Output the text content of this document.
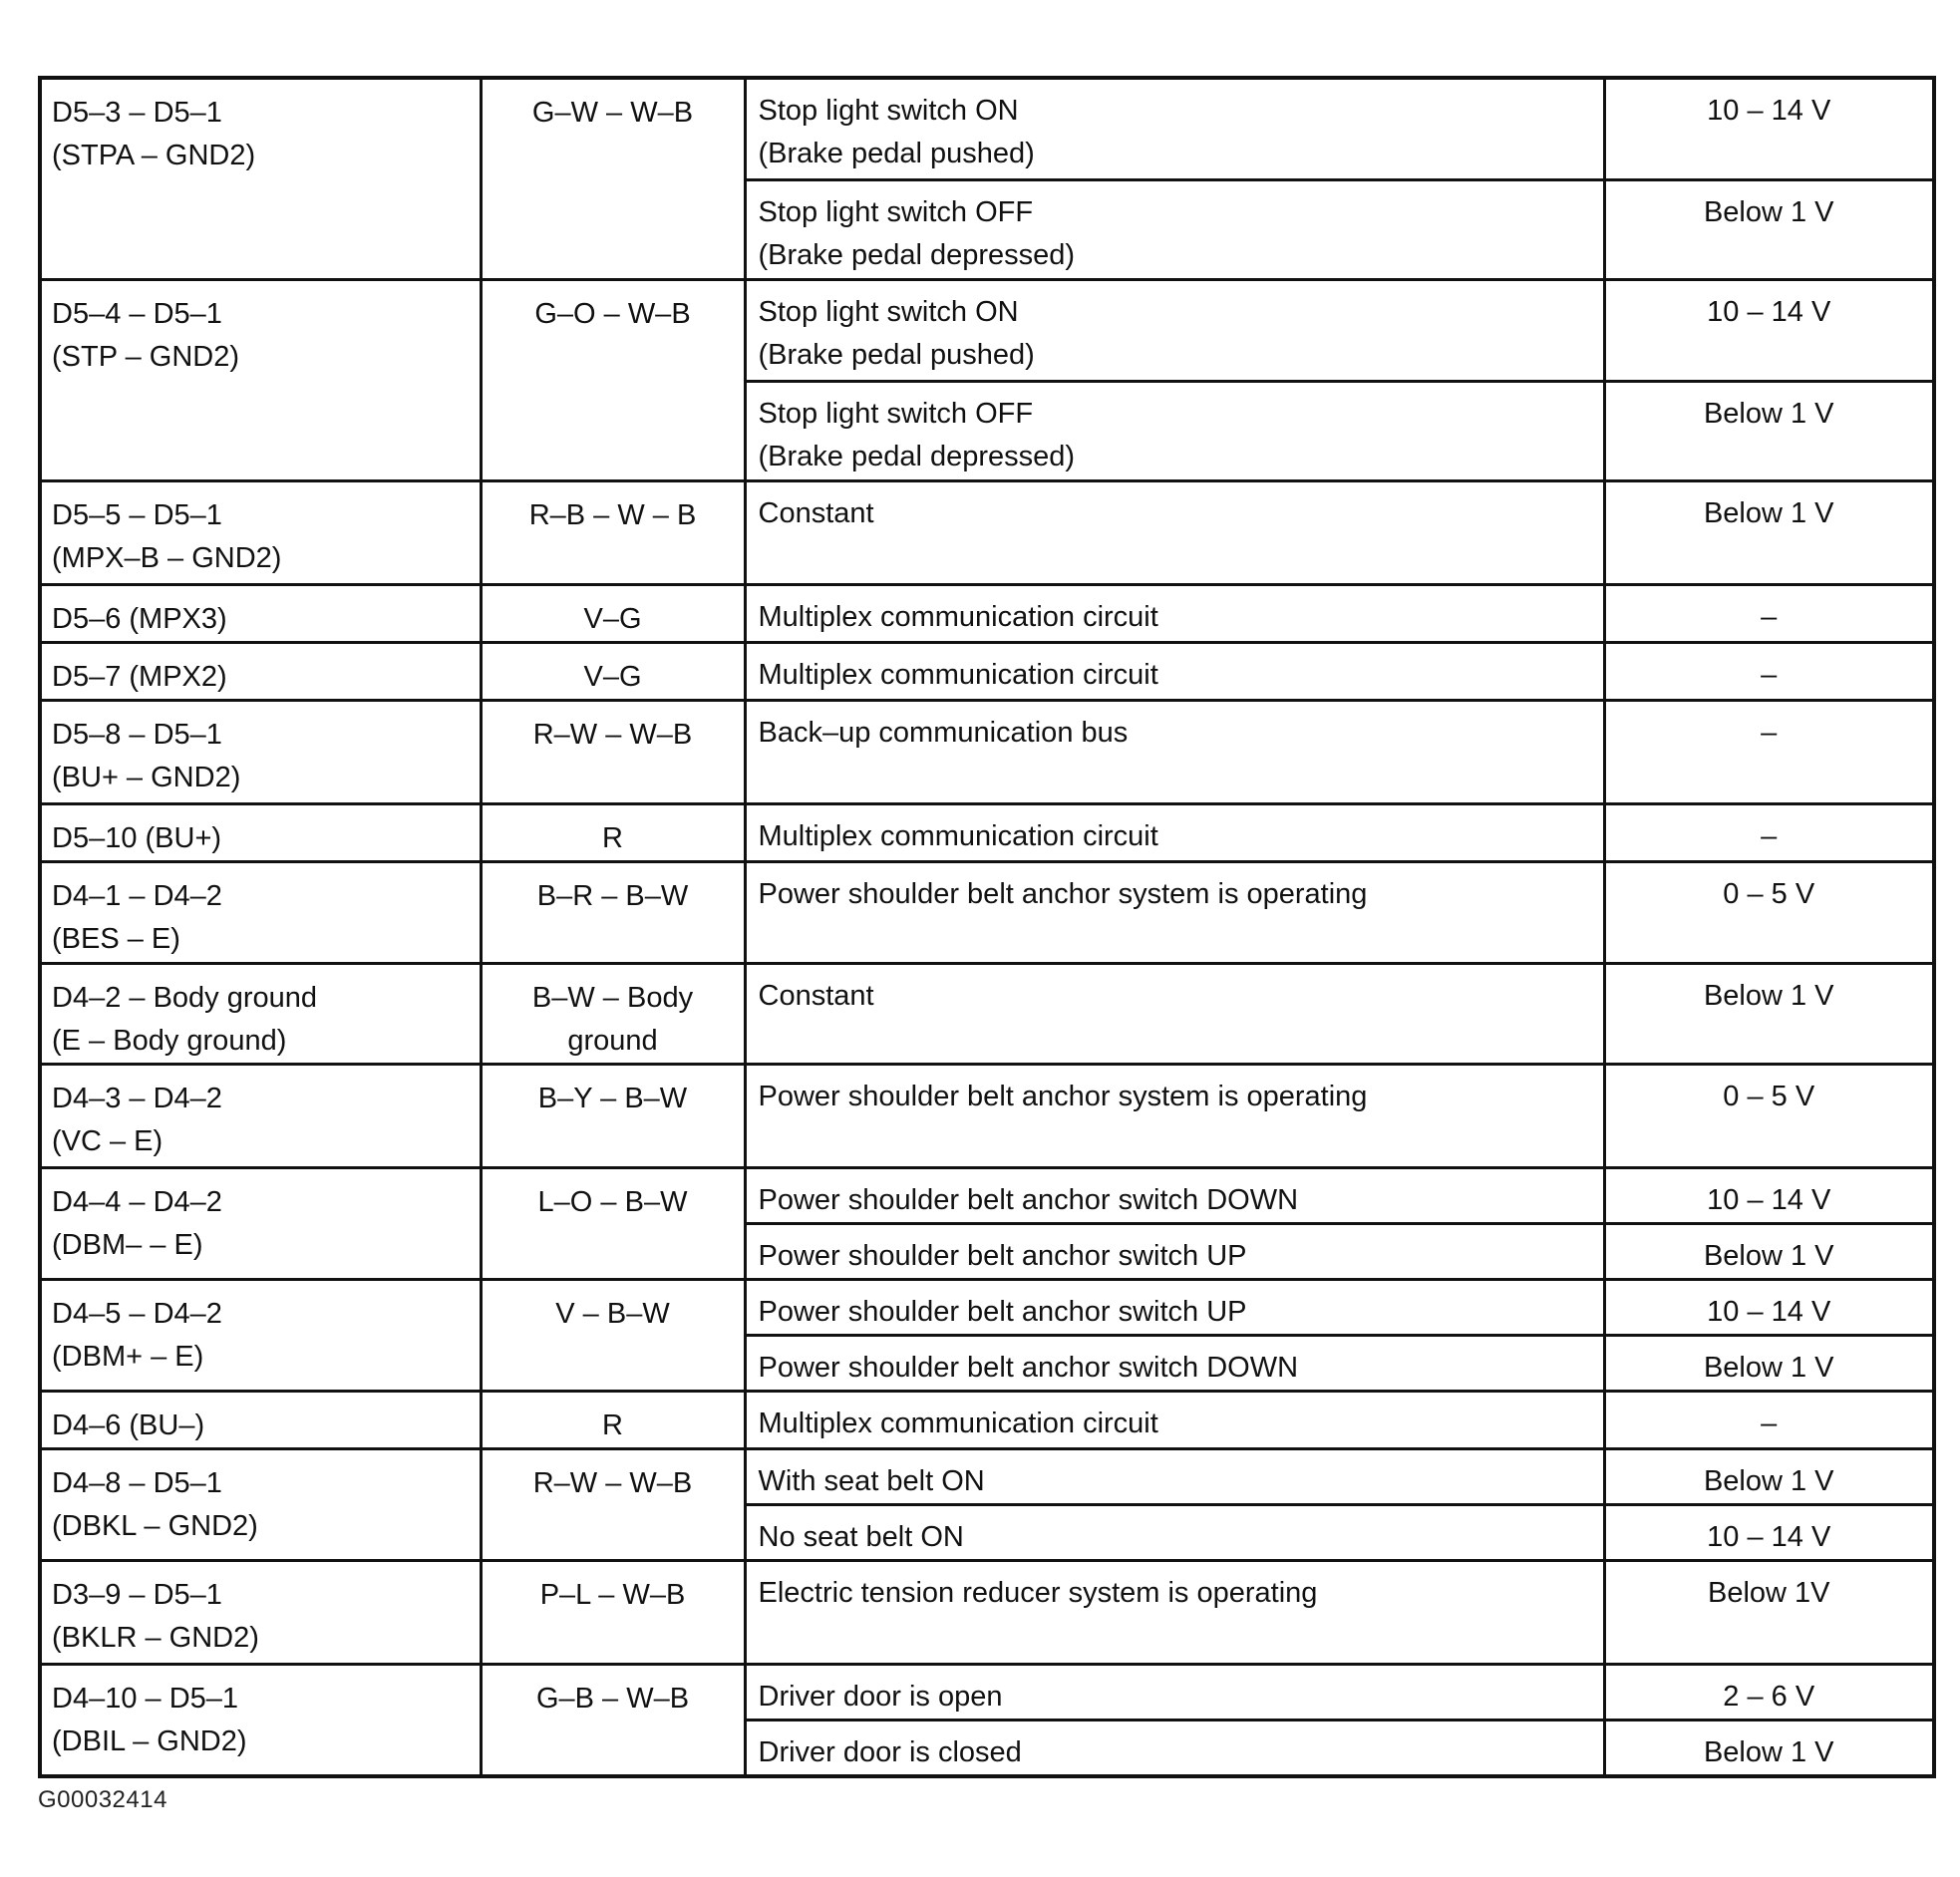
D5–3 – D5–1
(STPA – GND2)	G–W – W–B	Stop light switch ON
(Brake pedal pushed)	10 – 14 V

		Stop light switch OFF
(Brake pedal depressed)	Below 1 V

D5–4 – D5–1
(STP – GND2)	G–O – W–B	Stop light switch ON
(Brake pedal pushed)	10 – 14 V

		Stop light switch OFF
(Brake pedal depressed)	Below 1 V

D5–5 – D5–1
(MPX–B – GND2)	R–B – W – B	Constant	Below 1 V

D5–6 (MPX3)	V–G	Multiplex communication circuit	–

D5–7 (MPX2)	V–G	Multiplex communication circuit	–

D5–8 – D5–1
(BU+ – GND2)	R–W – W–B	Back–up communication bus	–

D5–10 (BU+)	R	Multiplex communication circuit	–

D4–1 – D4–2
(BES – E)	B–R – B–W	Power shoulder belt anchor system is operating	0 – 5 V

D4–2 – Body ground
(E – Body ground)	B–W – Body
ground	Constant	Below 1 V

D4–3 – D4–2
(VC – E)	B–Y – B–W	Power shoulder belt anchor system is operating	0 – 5 V

D4–4 – D4–2
(DBM– – E)	L–O – B–W	Power shoulder belt anchor switch DOWN	10 – 14 V

		Power shoulder belt anchor switch UP	Below 1 V

D4–5 – D4–2
(DBM+ – E)	V – B–W	Power shoulder belt anchor switch UP	10 – 14 V

		Power shoulder belt anchor switch DOWN	Below 1 V

D4–6 (BU–)	R	Multiplex communication circuit	–

D4–8 – D5–1
(DBKL – GND2)	R–W – W–B	With seat belt ON	Below 1 V

		No seat belt ON	10 – 14 V

D3–9 – D5–1
(BKLR – GND2)	P–L – W–B	Electric tension reducer system is operating	Below 1V

D4–10 – D5–1
(DBIL – GND2)	G–B – W–B	Driver door is open	2 – 6 V

		Driver door is closed	Below 1 V
G00032414
